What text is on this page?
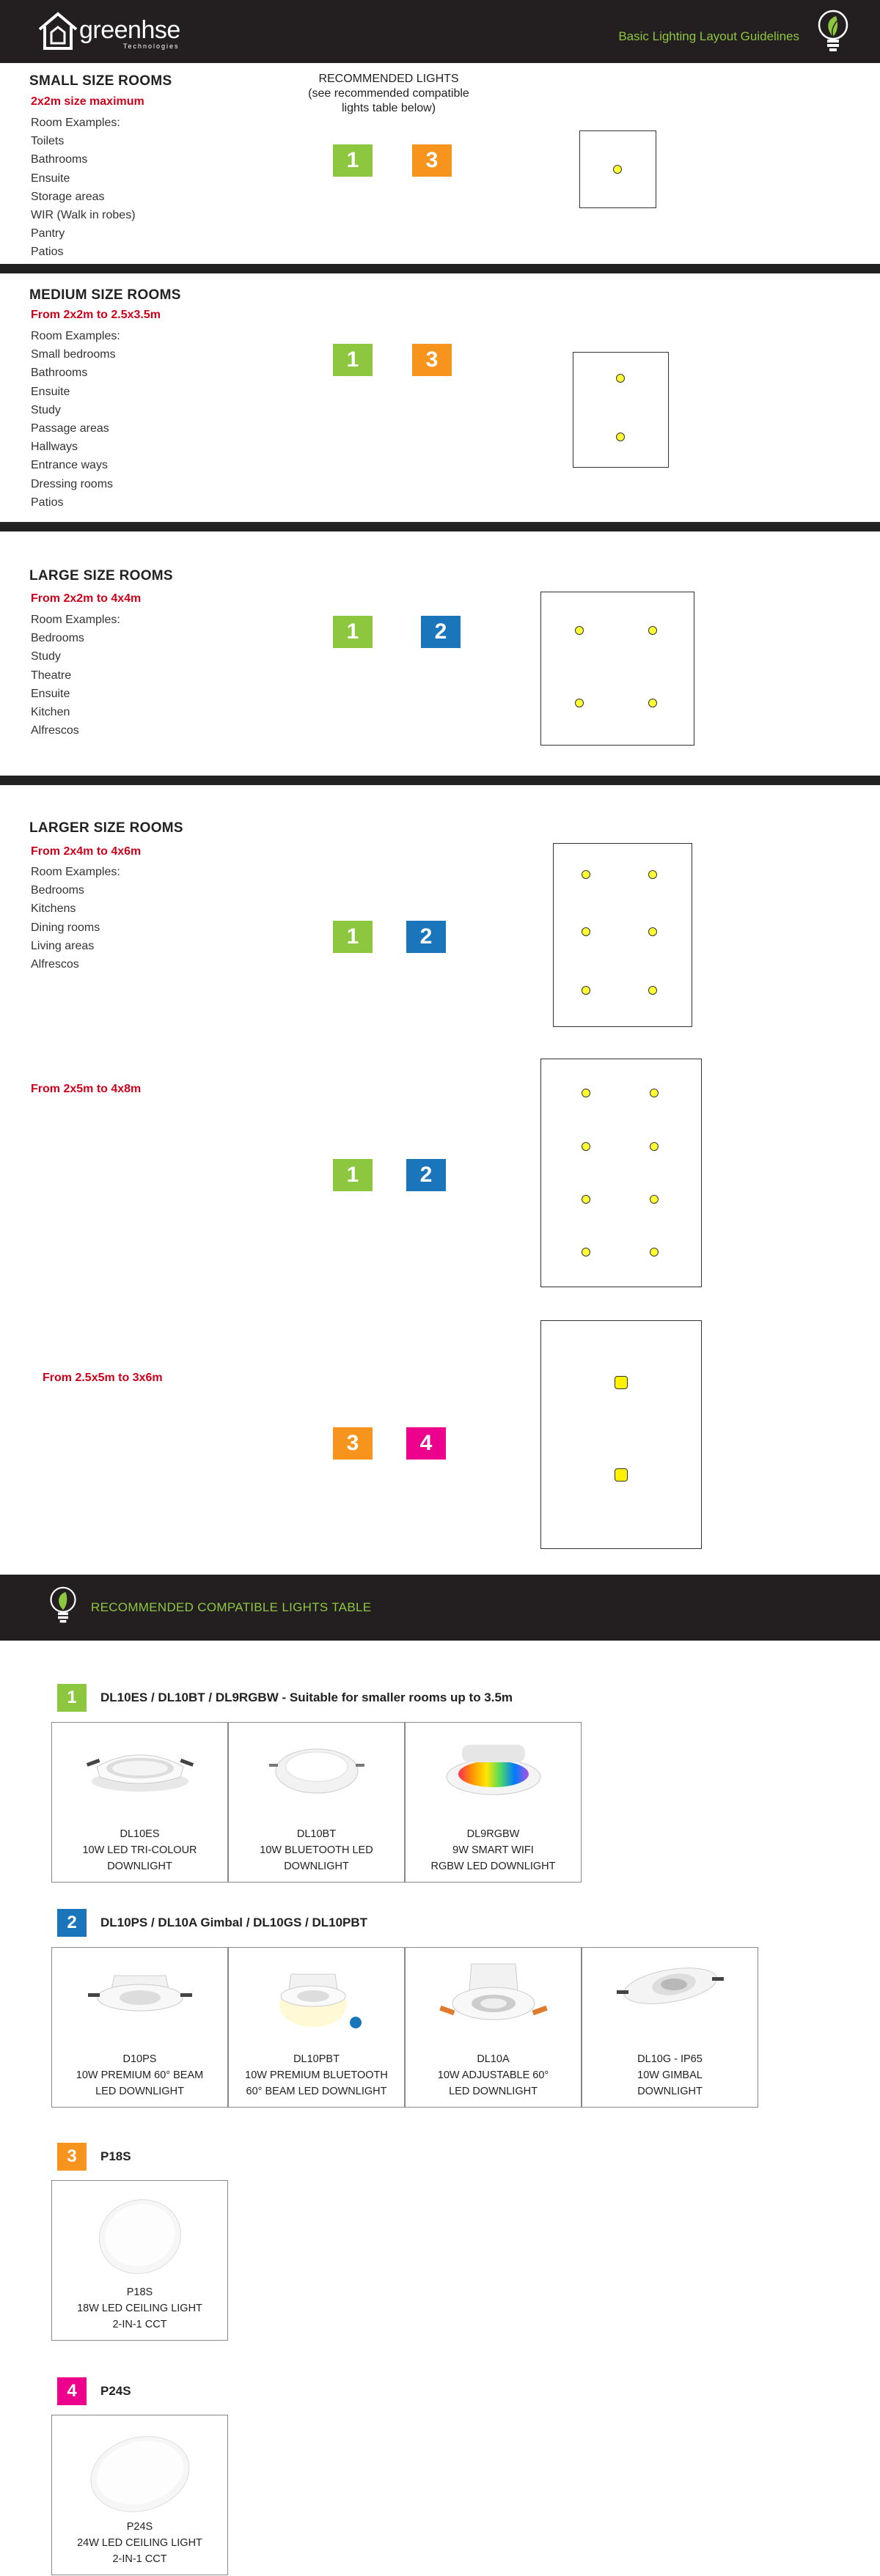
greenhse
Technologies
Basic Lighting Layout Guidelines
SMALL SIZE ROOMS
2x2m size maximum
Room Examples:
Toilets
Bathrooms
Ensuite
Storage areas
WIR (Walk in robes)
Pantry
Patios
RECOMMENDED LIGHTS
(see recommended compatible
lights table below)
1	3
MEDIUM SIZE ROOMS
From 2x2m to 2.5x3.5m
Room Examples:
Small bedrooms
Bathrooms
Ensuite
Study
Passage areas
Hallways
Entrance ways
Dressing rooms
Patios
1	3
LARGE SIZE ROOMS
From 2x2m to 4x4m
Room Examples:
Bedrooms
Study
Theatre
Ensuite
Kitchen
Alfrescos
1	2
LARGER SIZE ROOMS
From 2x4m to 4x6m
Room Examples:
Bedrooms
Kitchens
Dining rooms
Living areas
Alfrescos
1	2
From 2x5m to 4x8m
1	2
From 2.5x5m to 3x6m
3	4
RECOMMENDED COMPATIBLE LIGHTS TABLE
1	DL10ES / DL10BT / DL9RGBW - Suitable for smaller rooms up to 3.5m
DL10ES
10W LED TRI-COLOUR
DOWNLIGHT
DL10BT
10W BLUETOOTH LED
DOWNLIGHT
DL9RGBW
9W SMART WIFI
RGBW LED DOWNLIGHT
2	DL10PS / DL10A Gimbal / DL10GS / DL10PBT
D10PS
10W PREMIUM 60° BEAM
LED DOWNLIGHT
DL10PBT
10W PREMIUM BLUETOOTH
60° BEAM LED DOWNLIGHT
DL10A
10W ADJUSTABLE 60°
LED DOWNLIGHT
DL10G - IP65
10W GIMBAL
DOWNLIGHT
3	P18S
P18S
18W LED CEILING LIGHT
2-IN-1 CCT
4	P24S
P24S
24W LED CEILING LIGHT
2-IN-1 CCT
